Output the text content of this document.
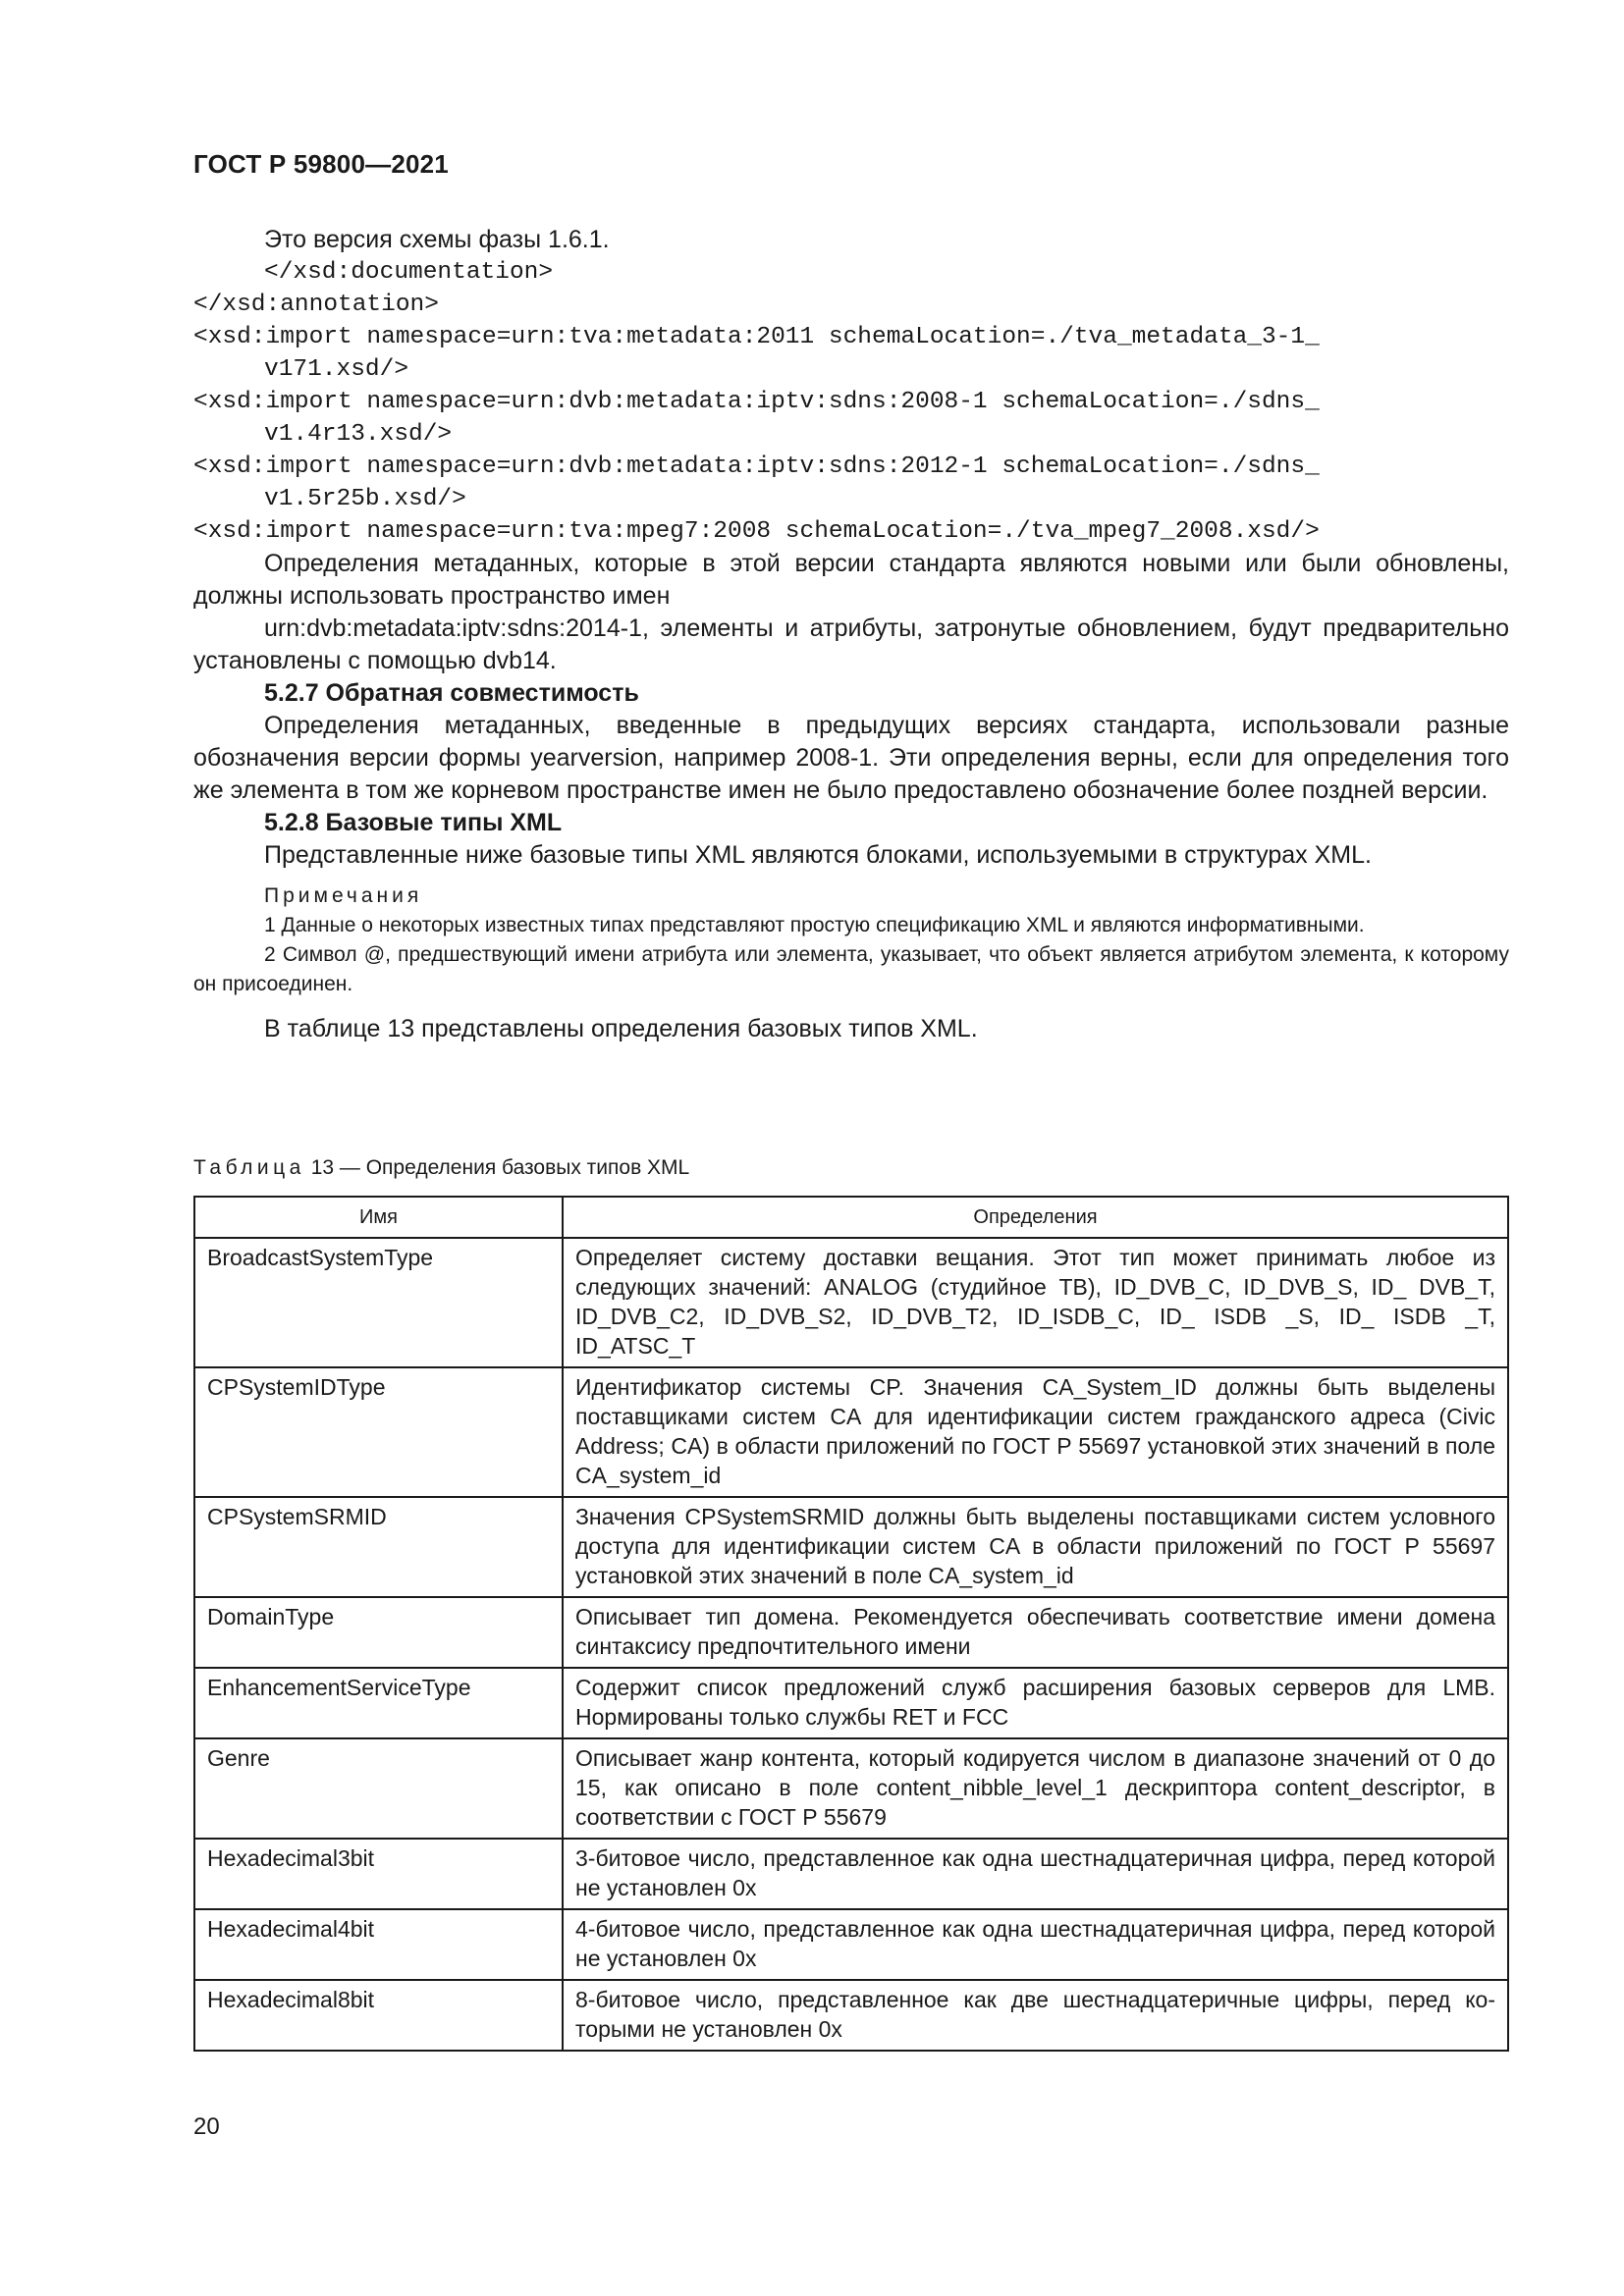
ГОСТ Р 59800—2021

Это версия схемы фазы 1.6.1.

</xsd:documentation>

</xsd:annotation>

<xsd:import namespace=urn:tva:metadata:2011 schemaLocation=./tva_metadata_3-1_

v171.xsd/>

<xsd:import namespace=urn:dvb:metadata:iptv:sdns:2008-1 schemaLocation=./sdns_

v1.4r13.xsd/>

<xsd:import namespace=urn:dvb:metadata:iptv:sdns:2012-1 schemaLocation=./sdns_

v1.5r25b.xsd/>

<xsd:import namespace=urn:tva:mpeg7:2008 schemaLocation=./tva_mpeg7_2008.xsd/>

Определения метаданных, которые в этой версии стандарта являются новыми или были обновлены, должны использовать пространство имен

urn:dvb:metadata:iptv:sdns:2014-1, элементы и атрибуты, затронутые обновлением, будут предварительно установлены с помощью dvb14.

5.2.7 Обратная совместимость

Определения метаданных, введенные в предыдущих версиях стандарта, использовали разные обозначения версии формы yearversion, например 2008-1. Эти определения верны, если для определения того же элемента в том же корневом пространстве имен не было предоставлено обозначение более поздней версии.

5.2.8 Базовые типы XML

Представленные ниже базовые типы XML являются блоками, используемыми в структурах XML.

Примечания

1 Данные о некоторых известных типах представляют простую спецификацию XML и являются информативными.

2 Символ @, предшествующий имени атрибута или элемента, указывает, что объект является атрибутом элемента, к которому он присоединен.

В таблице 13 представлены определения базовых типов XML.

Таблица 13 — Определения базовых типов XML
Имя	Определения
BroadcastSystemType	Определяет систему доставки вещания. Этот тип может принимать любое из следующих значений: ANALOG (студийное ТВ), ID_DVB_C, ID_DVB_S, ID_ DVB_T, ID_DVB_C2, ID_DVB_S2, ID_DVB_T2, ID_ISDB_C, ID_ ISDB _S, ID_ ISDB _T, ID_ATSC_T
CPSystemIDType	Идентификатор системы CP. Значения CA_System_ID должны быть выделены поставщиками систем CA для идентификации систем гражданского адреса (Civic Address; CA) в области приложений по ГОСТ Р 55697 установкой этих значений в поле CA_system_id
CPSystemSRMID	Значения CPSystemSRMID должны быть выделены поставщиками систем условного доступа для идентификации систем CA в области приложений по ГОСТ Р 55697 установкой этих значений в поле CA_system_id
DomainType	Описывает тип домена. Рекомендуется обеспечивать соответствие имени домена синтаксису предпочтительного имени
EnhancementServiceType	Содержит список предложений служб расширения базовых серверов для LMB. Нормированы только службы RET и FCC
Genre	Описывает жанр контента, который кодируется числом в диапазоне значений от 0 до 15, как описано в поле content_nibble_level_1 дескриптора content_descriptor, в соответствии с ГОСТ Р 55679
Hexadecimal3bit	3-битовое число, представленное как одна шестнадцатеричная цифра, перед которой не установлен 0x
Hexadecimal4bit	4-битовое число, представленное как одна шестнадцатеричная цифра, перед которой не установлен 0x
Hexadecimal8bit	8-битовое число, представленное как две шестнадцатеричные цифры, перед которыми не установлен 0x
20
